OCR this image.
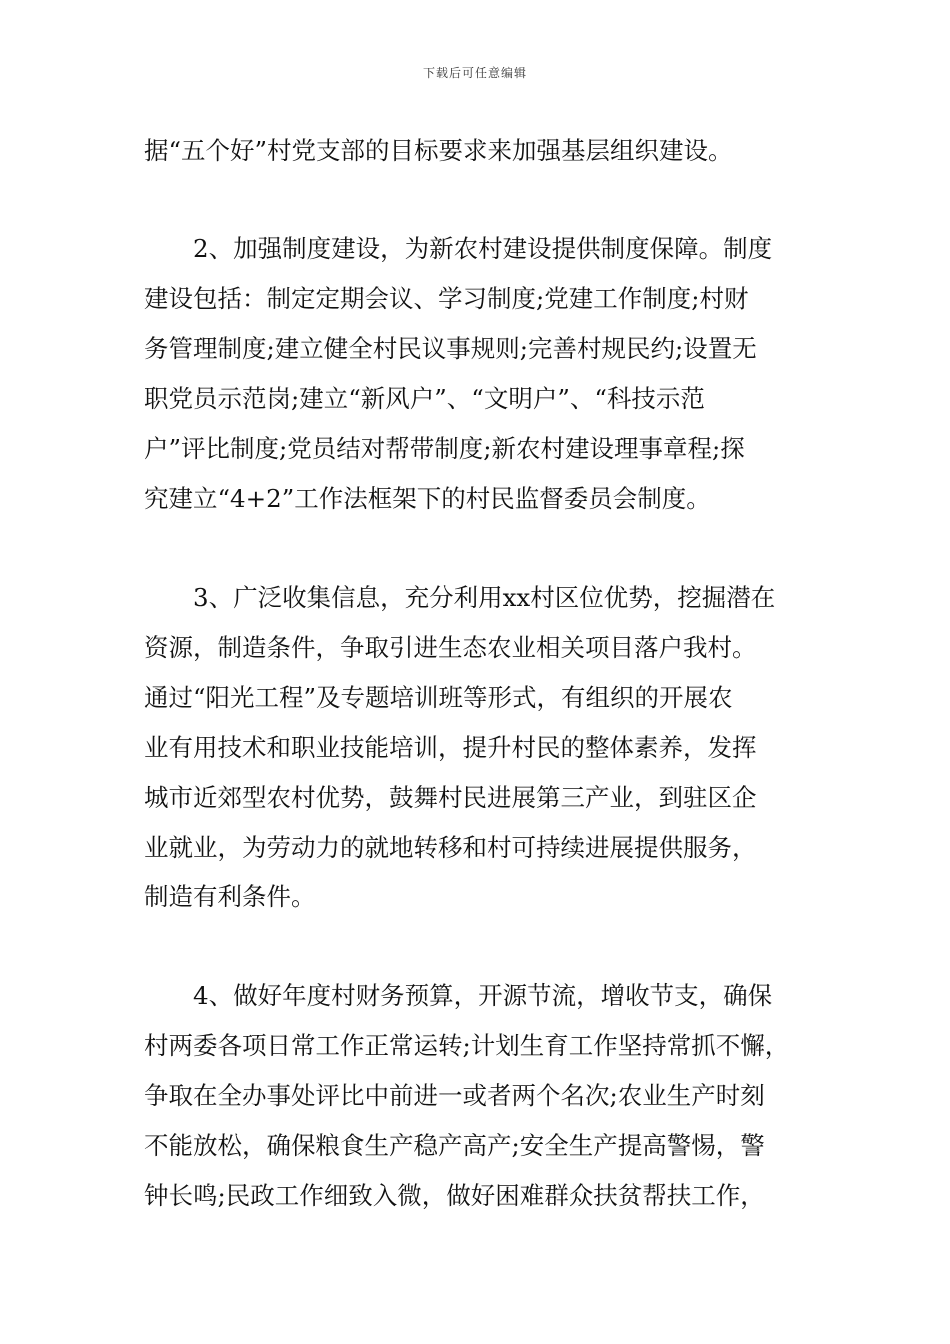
下载后可任意编辑
据“五个好”村党支部的目标要求来加强基层组织建设。
　　2、加强制度建设，为新农村建设提供制度保障。制度
建设包括：制定定期会议、学习制度;党建工作制度;村财
务管理制度;建立健全村民议事规则;完善村规民约;设置无
职党员示范岗;建立“新风户”、“文明户”、“科技示范
户”评比制度;党员结对帮带制度;新农村建设理事章程;探
究建立“4+2”工作法框架下的村民监督委员会制度。
　　3、广泛收集信息，充分利用xx村区位优势，挖掘潜在
资源，制造条件，争取引进生态农业相关项目落户我村。
通过“阳光工程”及专题培训班等形式，有组织的开展农
业有用技术和职业技能培训，提升村民的整体素养，发挥
城市近郊型农村优势，鼓舞村民进展第三产业，到驻区企
业就业，为劳动力的就地转移和村可持续进展提供服务，
制造有利条件。
　　4、做好年度村财务预算，开源节流，增收节支，确保
村两委各项日常工作正常运转;计划生育工作坚持常抓不懈，
争取在全办事处评比中前进一或者两个名次;农业生产时刻
不能放松，确保粮食生产稳产高产;安全生产提高警惕，警
钟长鸣;民政工作细致入微，做好困难群众扶贫帮扶工作，
